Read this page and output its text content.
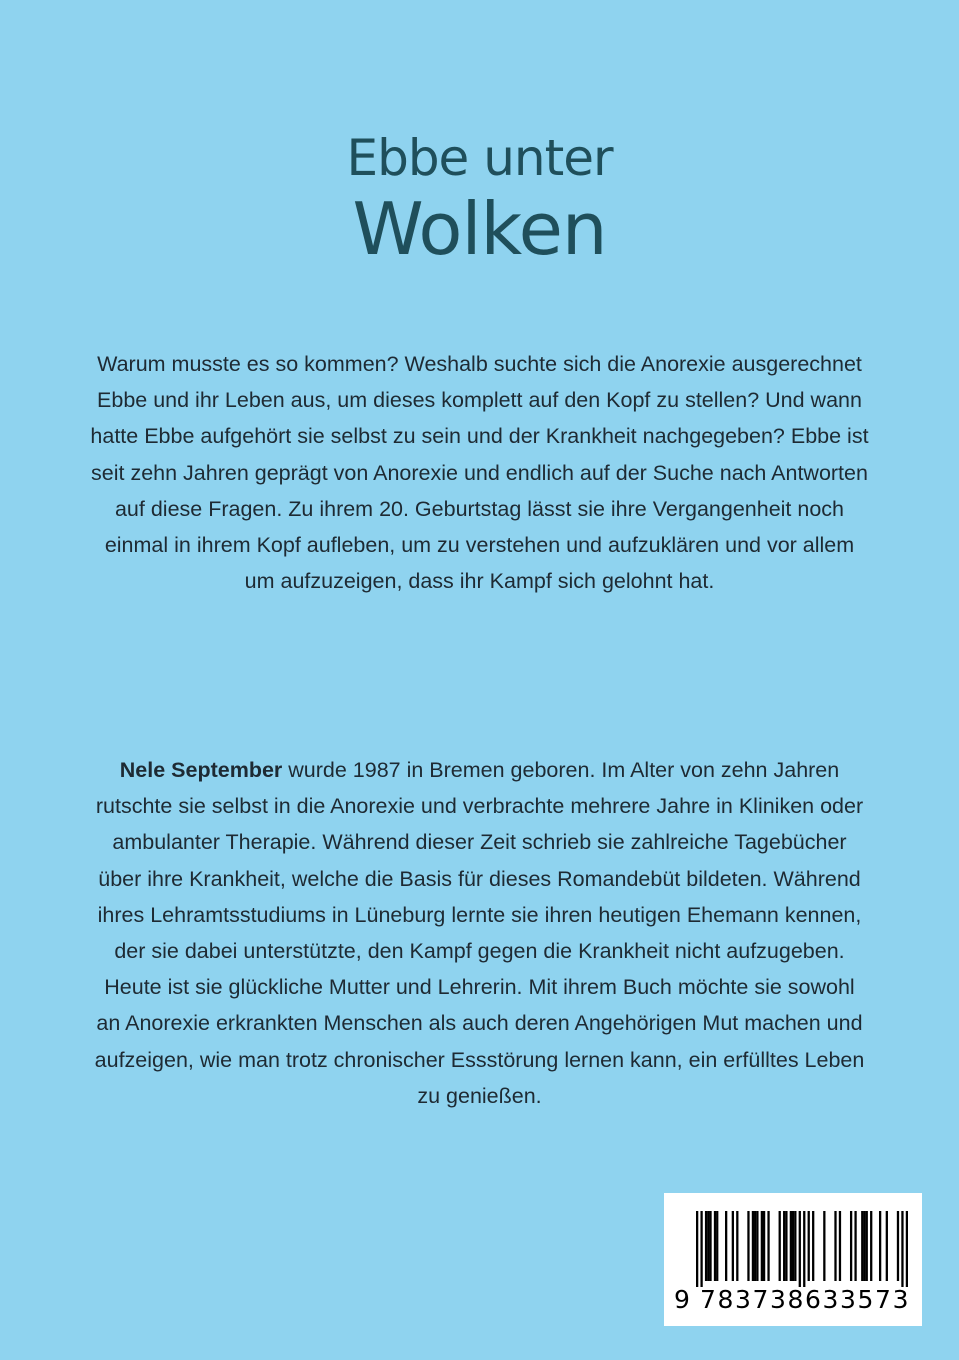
Ebbe unter
Wolken

Warum musste es so kommen? Weshalb suchte sich die Anorexie ausgerechnet Ebbe und ihr Leben aus, um dieses komplett auf den Kopf zu stellen? Und wann hatte Ebbe aufgehört sie selbst zu sein und der Krankheit nachgegeben? Ebbe ist seit zehn Jahren geprägt von Anorexie und endlich auf der Suche nach Antworten auf diese Fragen. Zu ihrem 20. Geburtstag lässt sie ihre Vergangenheit noch einmal in ihrem Kopf aufleben, um zu verstehen und aufzuklären und vor allem um aufzuzeigen, dass ihr Kampf sich gelohnt hat.

Nele September wurde 1987 in Bremen geboren. Im Alter von zehn Jahren rutschte sie selbst in die Anorexie und verbrachte mehrere Jahre in Kliniken oder ambulanter Therapie. Während dieser Zeit schrieb sie zahlreiche Tagebücher über ihre Krankheit, welche die Basis für dieses Romandebüt bildeten. Während ihres Lehramtsstudiums in Lüneburg lernte sie ihren heutigen Ehemann kennen, der sie dabei unterstützte, den Kampf gegen die Krankheit nicht aufzugeben. Heute ist sie glückliche Mutter und Lehrerin. Mit ihrem Buch möchte sie sowohl an Anorexie erkrankten Menschen als auch deren Angehörigen Mut machen und aufzeigen, wie man trotz chronischer Essstörung lernen kann, ein erfülltes Leben zu genießen.

9 783738633573
